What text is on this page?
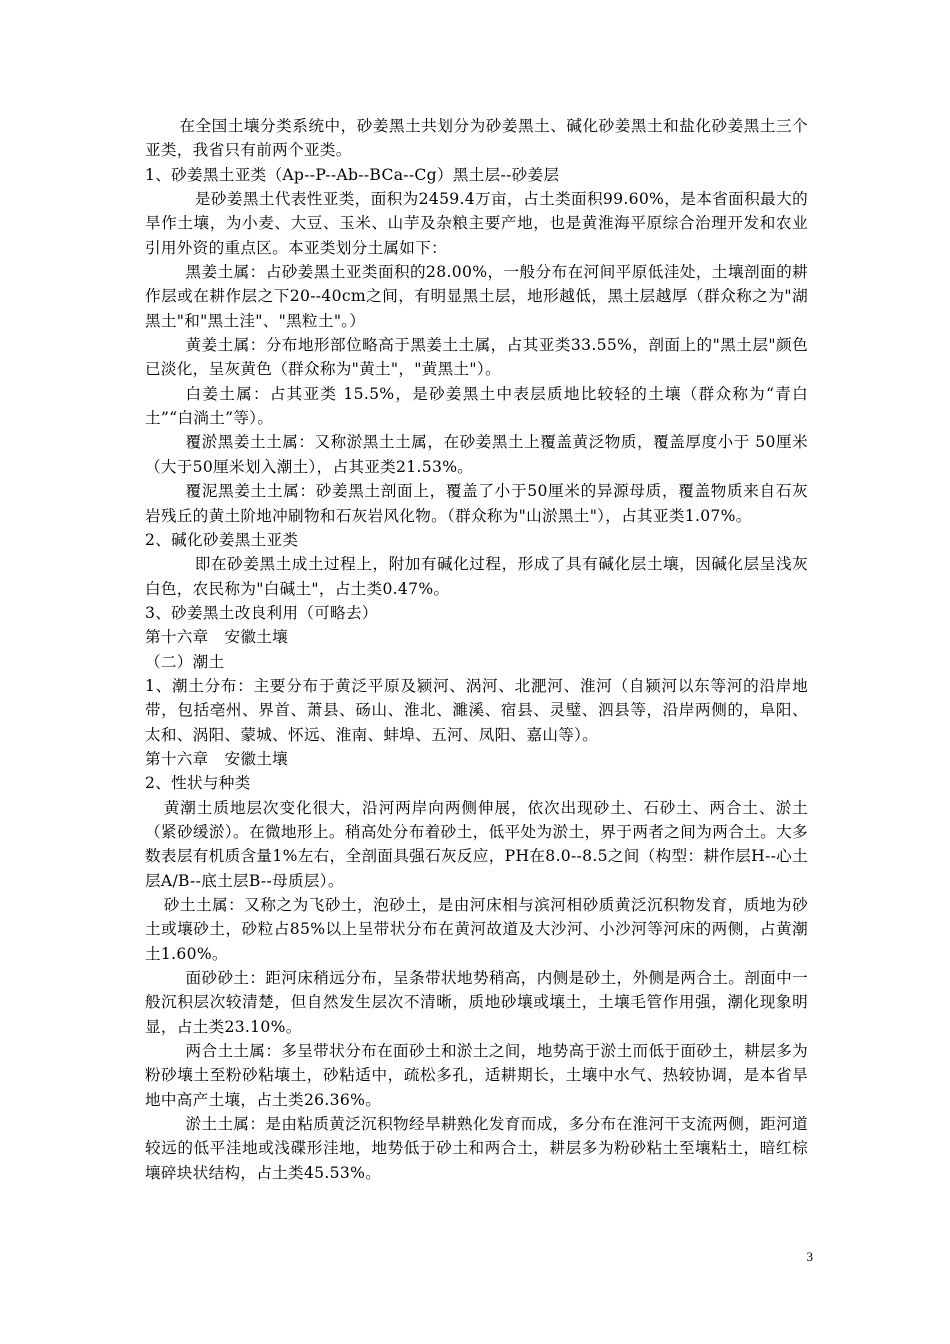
在全国土壤分类系统中，砂姜黑土共划分为砂姜黑土、碱化砂姜黑土和盐化砂姜黑土三个亚类，我省只有前两个亚类。

1、砂姜黑土亚类（Ap--P--Ab--BCa--Cg）黑土层--砂姜层

是砂姜黑土代表性亚类，面积为2459.4万亩，占土类面积99.60%，是本省面积最大的旱作土壤，为小麦、大豆、玉米、山芋及杂粮主要产地，也是黄淮海平原综合治理开发和农业引用外资的重点区。本亚类划分土属如下：

黑姜土属：占砂姜黑土亚类面积的28.00%，一般分布在河间平原低洼处，土壤剖面的耕作层或在耕作层之下20--40cm之间，有明显黑土层，地形越低，黑土层越厚（群众称之为"湖黑土"和"黑土洼"、"黑粒土"。）

黄姜土属：分布地形部位略高于黑姜土土属，占其亚类33.55%，剖面上的"黑土层"颜色已淡化，呈灰黄色（群众称为"黄土"，"黄黑土"）。

白姜土属：占其亚类 15.5%，是砂姜黑土中表层质地比较轻的土壤（群众称为“青白土”“白淌土”等）。

覆淤黑姜土土属：又称淤黑土土属，在砂姜黑土上覆盖黄泛物质，覆盖厚度小于 50厘米（大于50厘米划入潮土），占其亚类21.53%。

覆泥黑姜土土属：砂姜黑土剖面上，覆盖了小于50厘米的异源母质，覆盖物质来自石灰岩残丘的黄土阶地冲刷物和石灰岩风化物。（群众称为"山淤黑土"），占其亚类1.07%。

2、碱化砂姜黑土亚类

即在砂姜黑土成土过程上，附加有碱化过程，形成了具有碱化层土壤，因碱化层呈浅灰白色，农民称为"白碱土"，占土类0.47%。

3、砂姜黑土改良利用（可略去）

第十六章　安徽土壤

（二）潮土

1、潮土分布：主要分布于黄泛平原及颍河、涡河、北淝河、淮河（自颍河以东等河的沿岸地带，包括亳州、界首、萧县、砀山、淮北、濉溪、宿县、灵璧、泗县等，沿岸两侧的，阜阳、太和、涡阳、蒙城、怀远、淮南、蚌埠、五河、凤阳、嘉山等）。

第十六章　安徽土壤

2、性状与种类

黄潮土质地层次变化很大，沿河两岸向两侧伸展，依次出现砂土、石砂土、两合土、淤土（紧砂缓淤）。在微地形上。稍高处分布着砂土，低平处为淤土，界于两者之间为两合土。大多数表层有机质含量1%左右，全剖面具强石灰反应，PH在8.0--8.5之间（构型：耕作层H--心土层A/B--底土层B--母质层）。

砂土土属：又称之为飞砂土，泡砂土，是由河床相与滨河相砂质黄泛沉积物发育，质地为砂土或壤砂土，砂粒占85%以上呈带状分布在黄河故道及大沙河、小沙河等河床的两侧，占黄潮土1.60%。

面砂砂土：距河床稍远分布，呈条带状地势稍高，内侧是砂土，外侧是两合土。剖面中一般沉积层次较清楚，但自然发生层次不清晰，质地砂壤或壤土，土壤毛管作用强，潮化现象明显，占土类23.10%。

两合土土属：多呈带状分布在面砂土和淤土之间，地势高于淤土而低于面砂土，耕层多为粉砂壤土至粉砂粘壤土，砂粘适中，疏松多孔，适耕期长，土壤中水气、热较协调，是本省旱地中高产土壤，占土类26.36%。

淤土土属：是由粘质黄泛沉积物经旱耕熟化发育而成，多分布在淮河干支流两侧，距河道较远的低平洼地或浅碟形洼地，地势低于砂土和两合土，耕层多为粉砂粘土至壤粘土，暗红棕壤碎块状结构，占土类45.53%。

3
